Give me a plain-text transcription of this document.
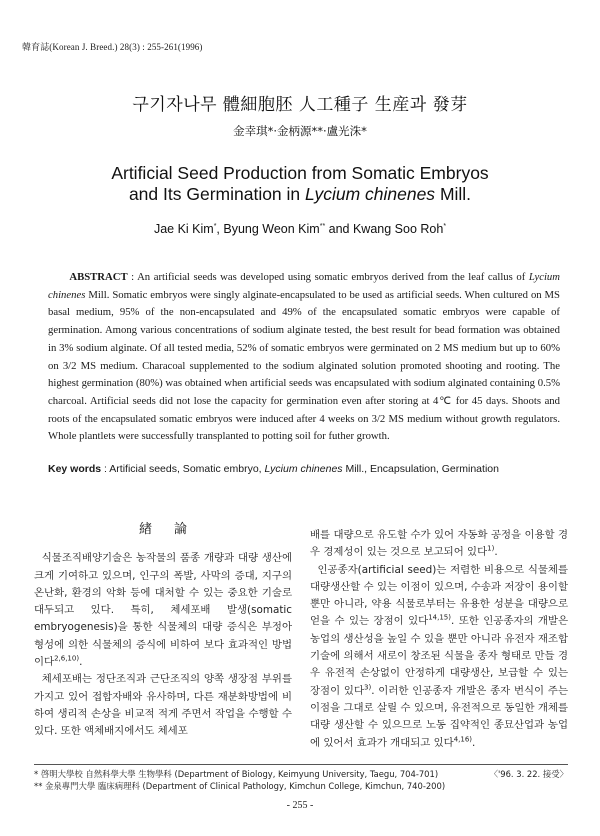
韓育誌(Korean J. Breed.) 28(3) : 255-261(1996)
구기자나무 體細胞胚 人工種子 生産과 發芽
金幸琪*·金柄源**·盧光洙*
Artificial Seed Production from Somatic Embryos
and Its Germination in Lycium chinenes Mill.
Jae Ki Kim*, Byung Weon Kim** and Kwang Soo Roh*
ABSTRACT : An artificial seeds was developed using somatic embryos derived from the leaf callus of Lycium chinenes Mill. Somatic embryos were singly alginate-encapsulated to be used as artificial seeds. When cultured on MS basal medium, 95% of the non-encapsulated and 49% of the encapsulated somatic embryos were capable of germination. Among various concentrations of sodium alginate tested, the best result for bead formation was obtained in 3% sodium alginate. Of all tested media, 52% of somatic embryos were germinated on 2 MS medium but up to 60% on 3/2 MS medium. Characoal supplemented to the sodium alginated solution promoted shooting and rooting. The highest germination (80%) was obtained when artificial seeds was encapsulated with sodium alginated containing 0.5% charcoal. Artificial seeds did not lose the capacity for germination even after storing at 4℃ for 45 days. Shoots and roots of the encapsulated somatic embryos were induced after 4 weeks on 3/2 MS medium without growth regulators. Whole plantlets were successfully transplanted to potting soil for futher growth.
Key words : Artificial seeds, Somatic embryo, Lycium chinenes Mill., Encapsulation, Germination
緖論

식물조직배양기술은 농작물의 품종 개량과 대량 생산에 크게 기여하고 있으며, 인구의 폭발, 사막의 증대, 지구의 온난화, 환경의 악화 등에 대처할 수 있는 중요한 기술로 대두되고 있다. 특히, 체세포배 발생(somatic embryogenesis)을 통한 식물체의 대량 증식은 부정아 형성에 의한 식물체의 증식에 비하여 보다 효과적인 방법이다$^{2,6,10)}$.

체세포배는 정단조직과 근단조직의 양쪽 생장점 부위를 가지고 있어 접합자배와 유사하며, 다른 재분화방법에 비하여 생리적 손상을 비교적 적게 주면서 작업을 수행할 수 있다. 또한 액체배지에서도 체세포

배를 대량으로 유도할 수가 있어 자동화 공정을 이용할 경우 경제성이 있는 것으로 보고되어 있다$^{1)}$.

인공종자(artificial seed)는 저렴한 비용으로 식물체를 대량생산할 수 있는 이점이 있으며, 수송과 저장이 용이할 뿐만 아니라, 약용 식물로부터는 유용한 성분을 대량으로 얻을 수 있는 장점이 있다$^{14,15)}$. 또한 인공종자의 개발은 농업의 생산성을 높일 수 있을 뿐만 아니라 유전자 재조합기술에 의해서 새로이 창조된 식물을 종자 형태로 만들 경우 유전적 손상없이 안정하게 대량생산, 보급할 수 있는 장점이 있다$^{3)}$. 이러한 인공종자 개발은 종자 번식이 주는 이점을 그대로 살릴 수 있으며, 유전적으로 동일한 개체를 대량 생산할 수 있으므로 노동 집약적인 종묘산업과 농업에 있어서 효과가 개대되고 있다$^{4,16)}$.

* 啓明大學校 自然科學大學 生物學科 (Department of Biology, Keimyung University, Taegu, 704-701)	〈'96. 3. 22. 接受〉
** 金泉專門大學 臨床病理科 (Department of Clinical Pathology, Kimchun College, Kimchun, 740-200)
- 255 -
